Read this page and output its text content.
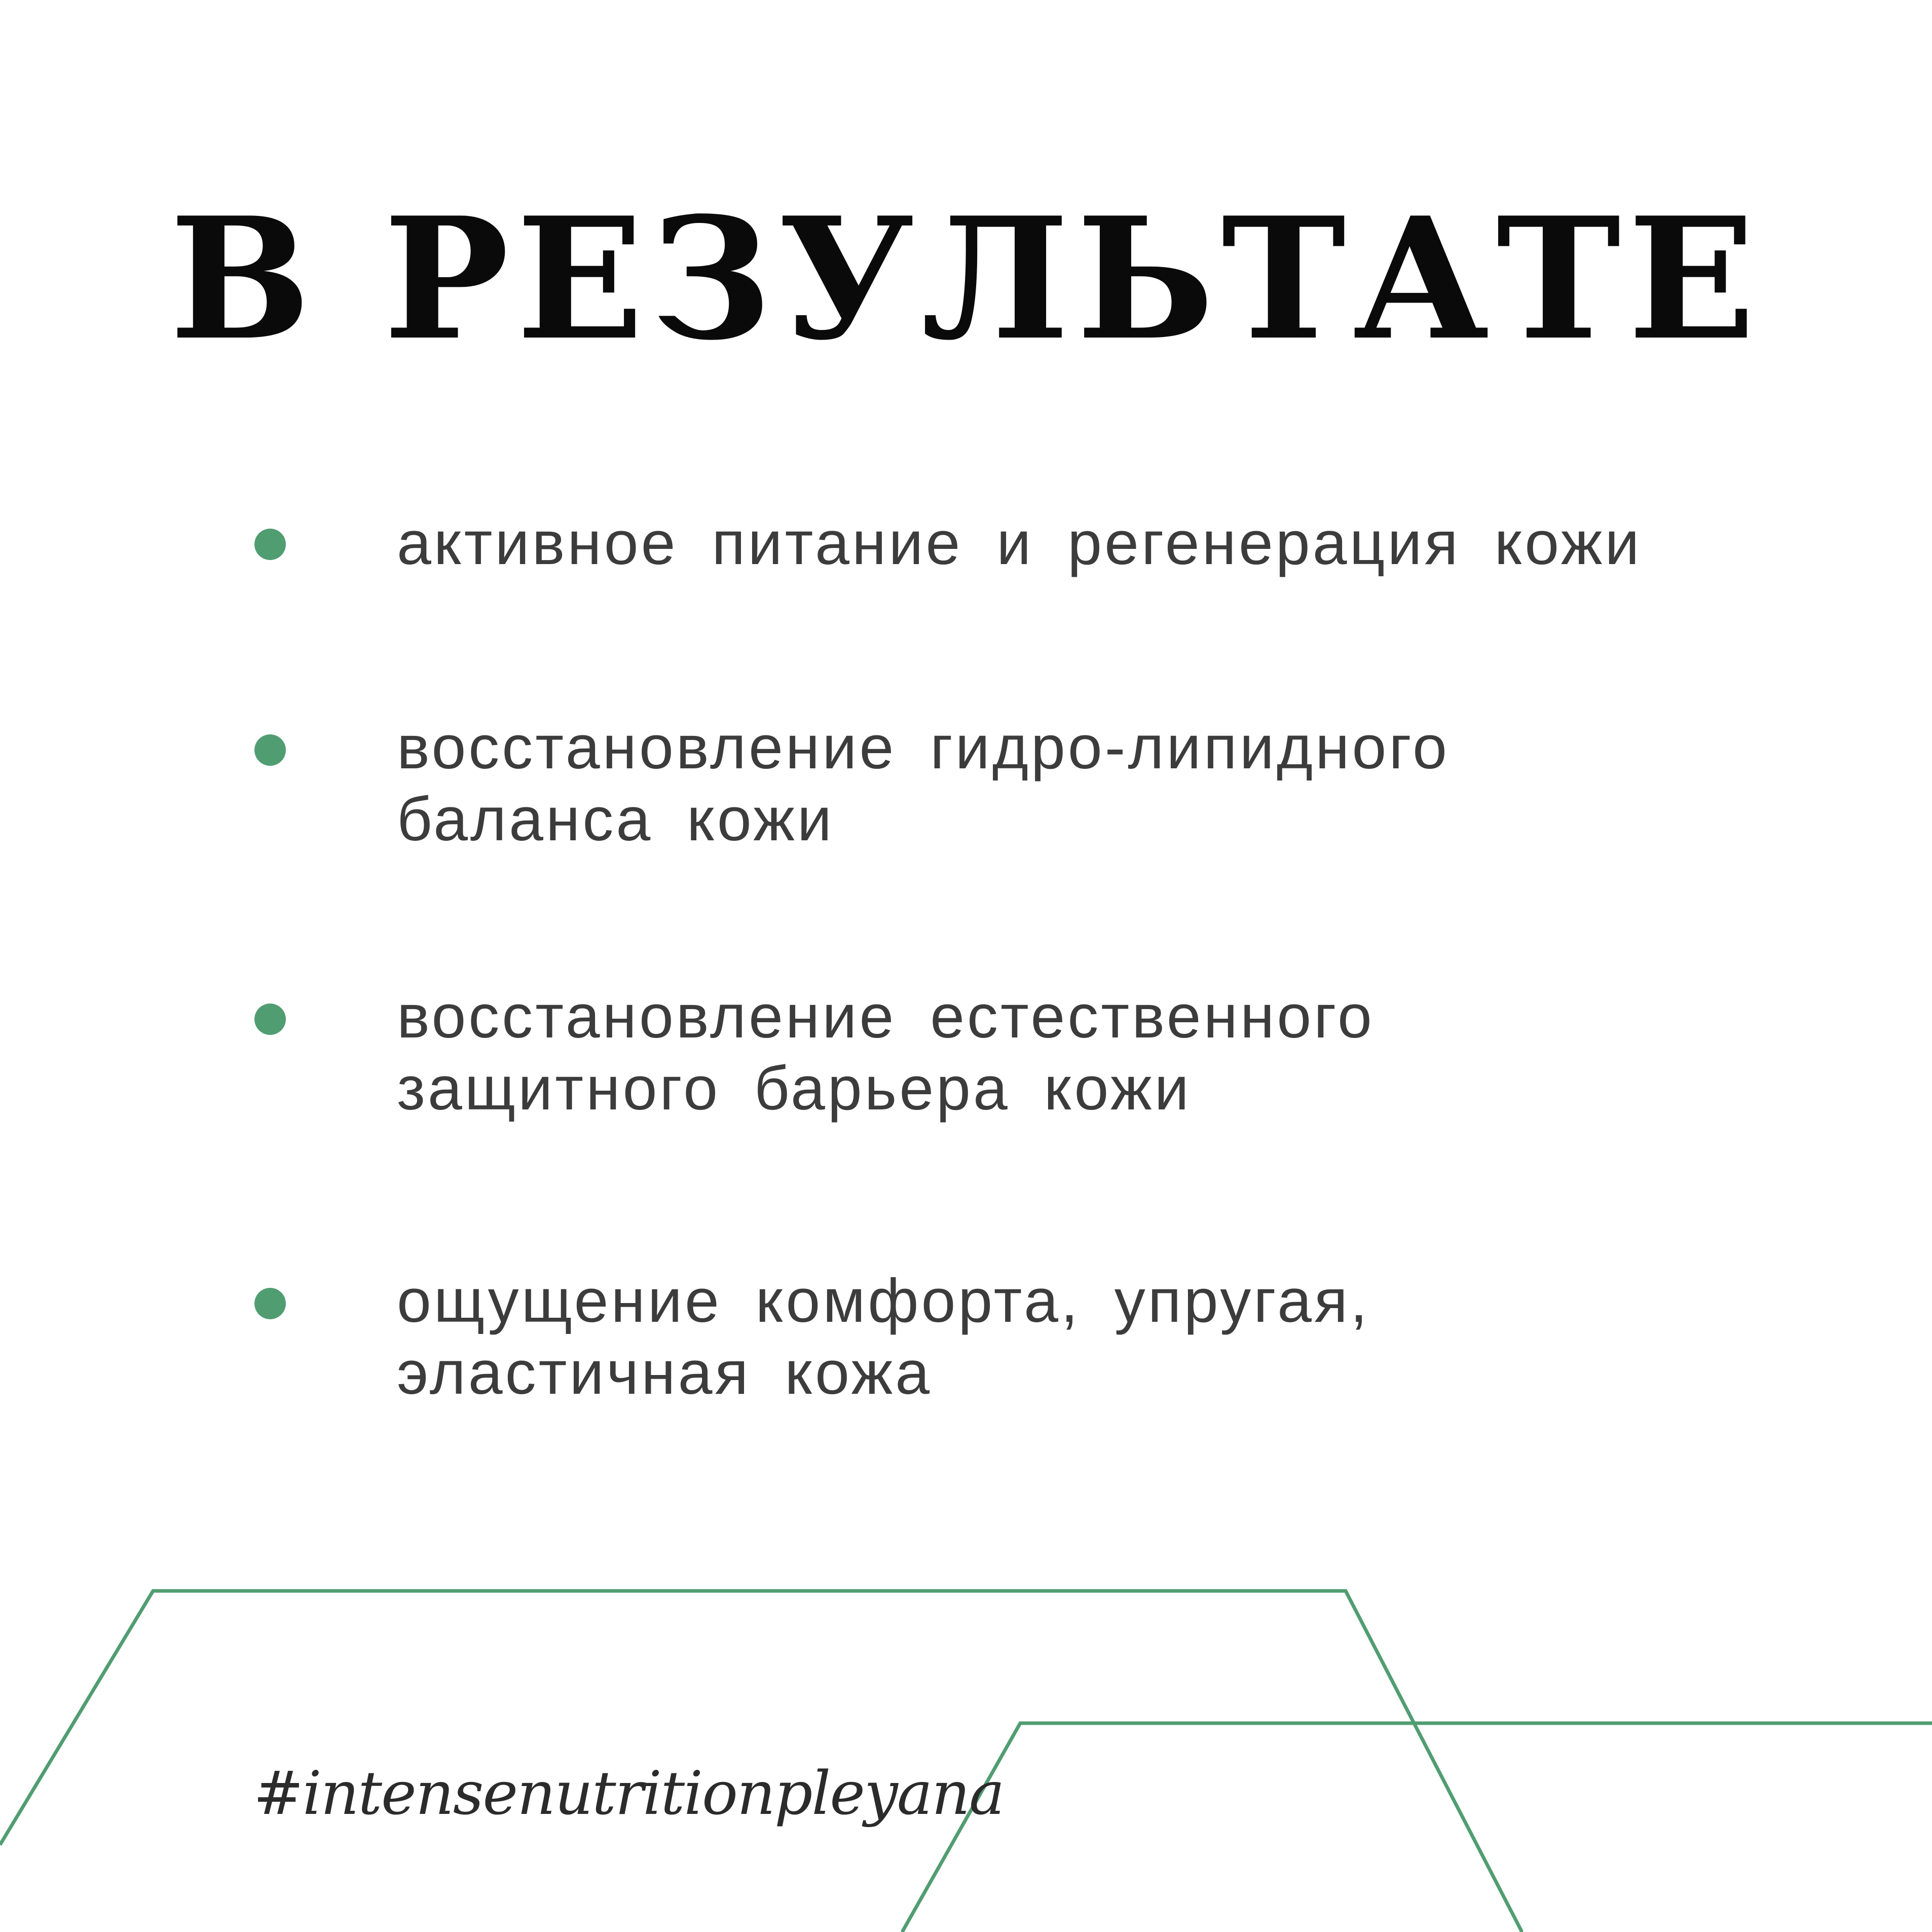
В РЕЗУЛЬТАТЕ
активное питание и регенерация кожи
восстановление гидро-липидного
баланса кожи
восстановление естественного
защитного барьера кожи
ощущение комфорта, упругая,
эластичная кожа
#intensenutritionpleyana
